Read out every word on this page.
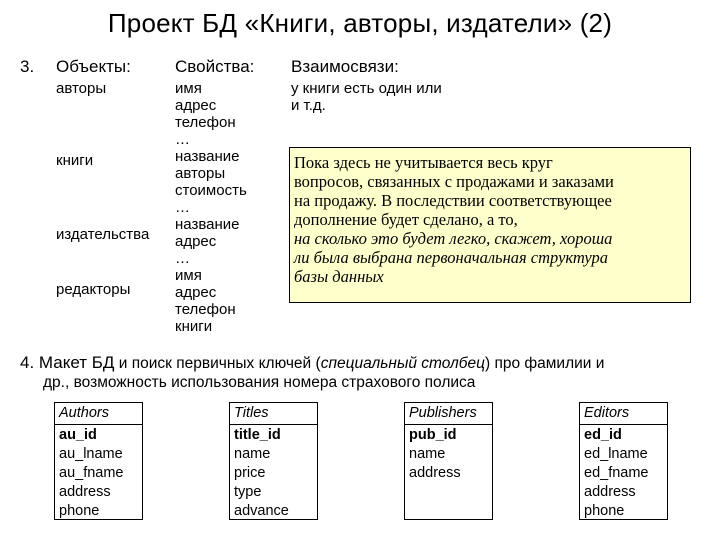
Проект БД «Книги, авторы, издатели» (2)
3. Объекты:	Свойства: Взаимосвязи:
авторы
книги
издательства
редакторы
имя
адрес
телефон
…
название
авторы
стоимость
…
название
адрес
…
имя
адрес
телефон
книги
у книги есть один или
и т.д.
Пока здесь не учитывается весь круг
вопросов, связанных с продажами и заказами
на продажу. В последствии соответствующее
дополнение будет сделано, а то,
на сколько это будет легко, скажет, хороша
ли была выбрана первоначальная структура
базы данных
4. Макет БД и поиск первичных ключей (специальный столбец) про фамилии и
др., возможность использования номера страхового полиса
Authors
au_id
au_lname
au_fname
address
phone
Titles
title_id
name
price
type
advance
Publishers
pub_id
name
address
Editors
ed_id
ed_lname
ed_fname
address
phone
